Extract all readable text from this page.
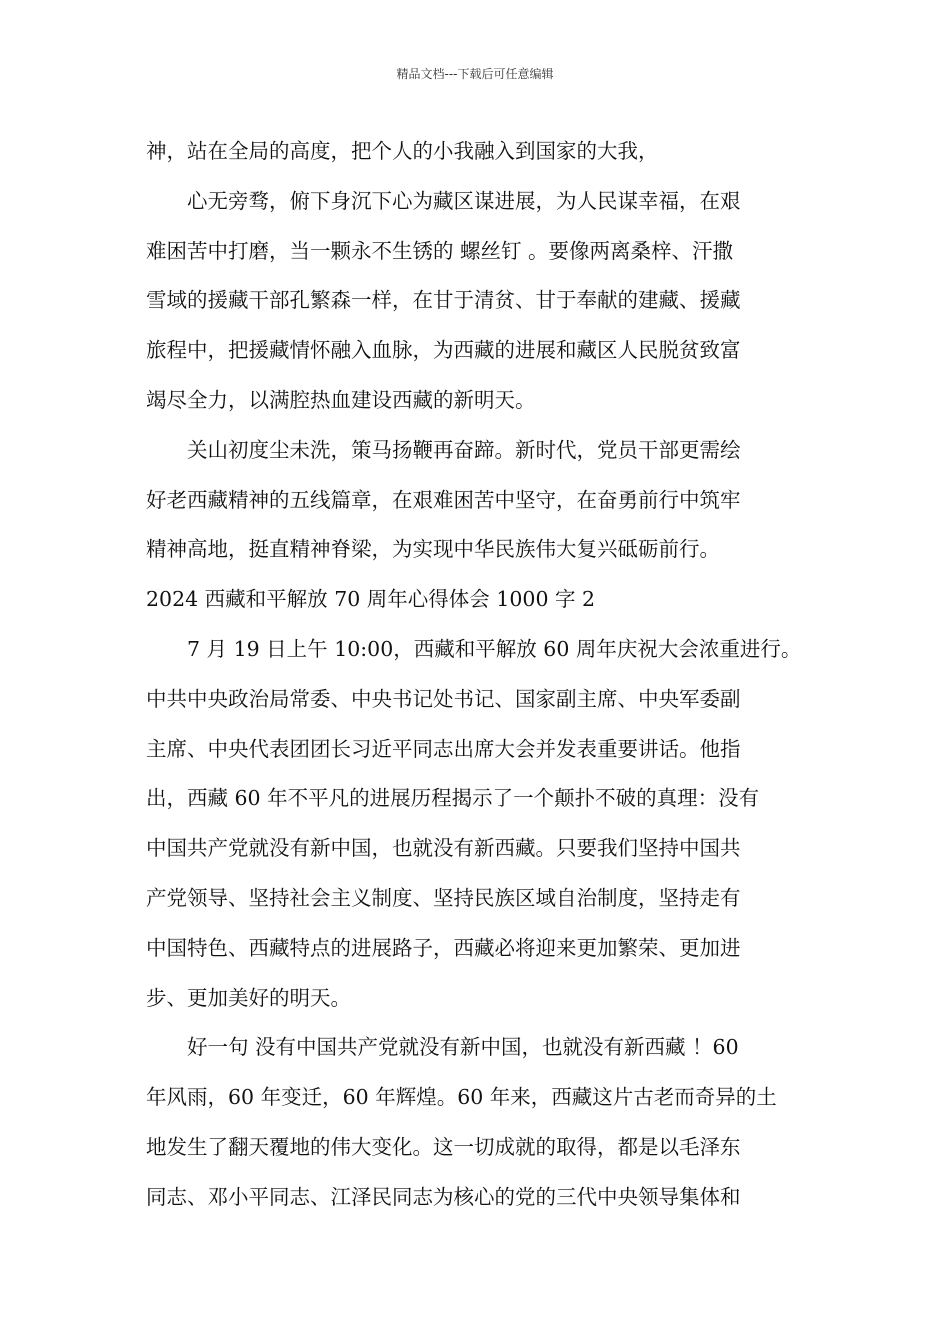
精品文档---下载后可任意编辑

神，站在全局的高度，把个人的小我融入到国家的大我，

心无旁骛，俯下身沉下心为藏区谋进展，为人民谋幸福，在艰
难困苦中打磨，当一颗永不生锈的 螺丝钉 。要像两离桑梓、汗撒
雪域的援藏干部孔繁森一样，在甘于清贫、甘于奉献的建藏、援藏
旅程中，把援藏情怀融入血脉，为西藏的进展和藏区人民脱贫致富
竭尽全力，以满腔热血建设西藏的新明天。

关山初度尘未洗，策马扬鞭再奋蹄。新时代，党员干部更需绘
好老西藏精神的五线篇章，在艰难困苦中坚守，在奋勇前行中筑牢
精神高地，挺直精神脊梁，为实现中华民族伟大复兴砥砺前行。

2024 西藏和平解放 70 周年心得体会 1000 字 2

7 月 19 日上午 10:00，西藏和平解放 60 周年庆祝大会浓重进行。
中共中央政治局常委、中央书记处书记、国家副主席、中央军委副
主席、中央代表团团长习近平同志出席大会并发表重要讲话。他指
出，西藏 60 年不平凡的进展历程揭示了一个颠扑不破的真理：没有
中国共产党就没有新中国，也就没有新西藏。只要我们坚持中国共
产党领导、坚持社会主义制度、坚持民族区域自治制度，坚持走有
中国特色、西藏特点的进展路子，西藏必将迎来更加繁荣、更加进
步、更加美好的明天。

好一句 没有中国共产党就没有新中国，也就没有新西藏 ！60
年风雨，60 年变迁，60 年辉煌。60 年来，西藏这片古老而奇异的土
地发生了翻天覆地的伟大变化。这一切成就的取得，都是以毛泽东
同志、邓小平同志、江泽民同志为核心的党的三代中央领导集体和
